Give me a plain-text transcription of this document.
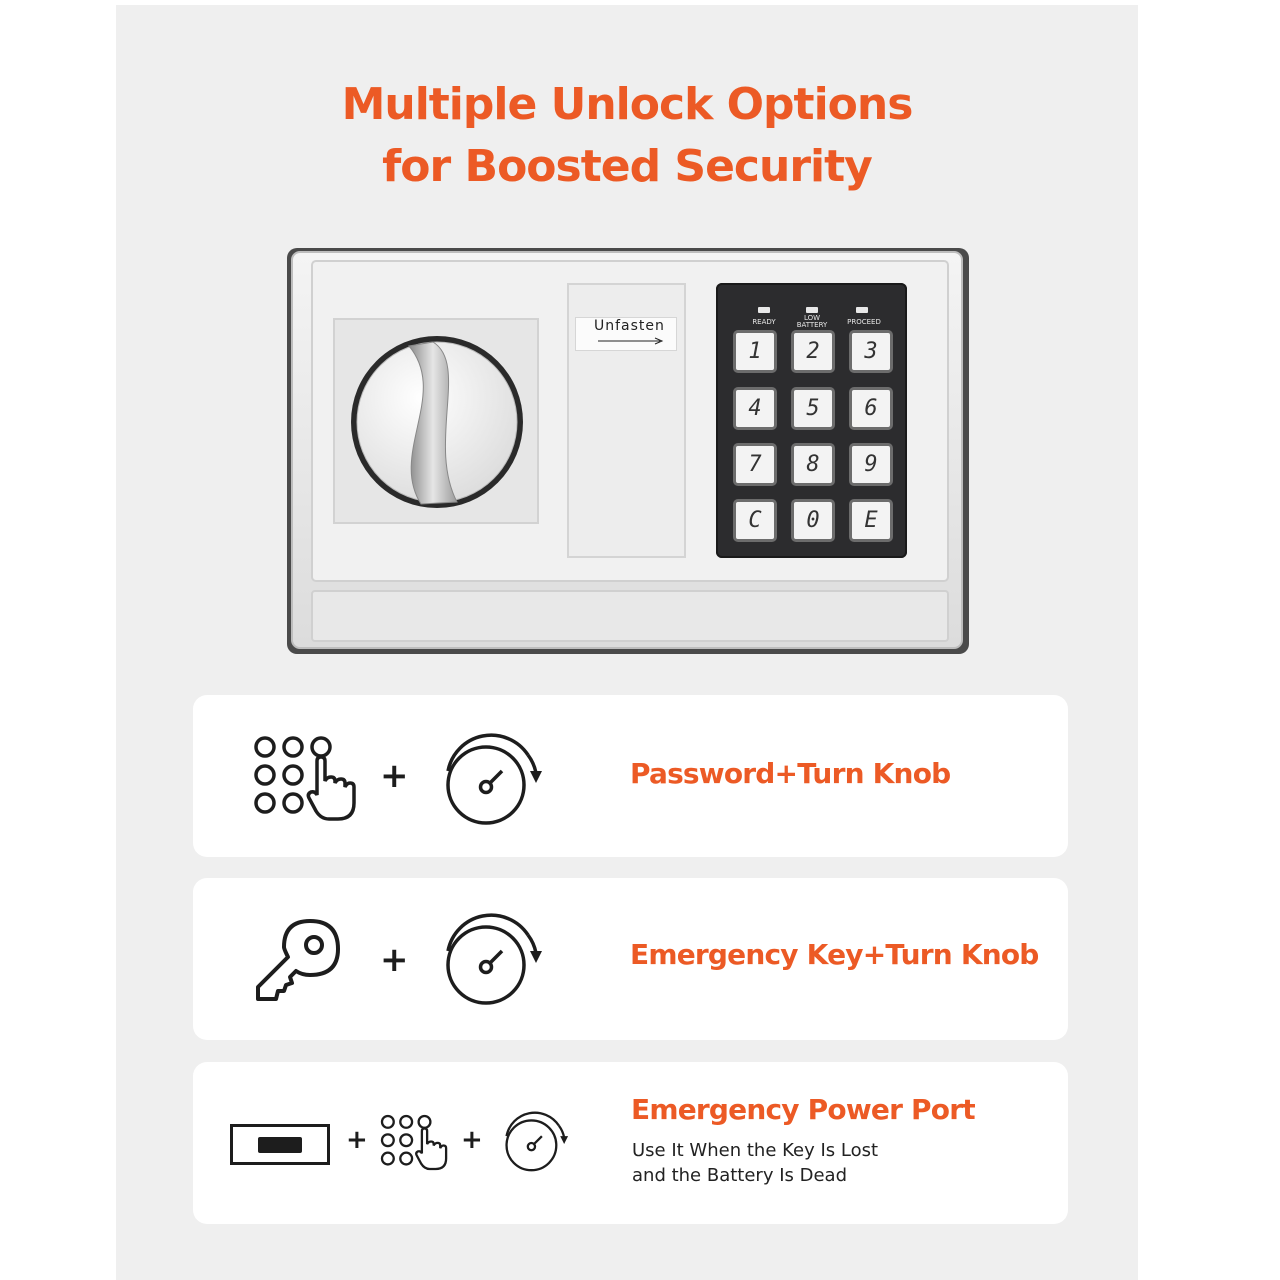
Multiple Unlock Options
for Boosted Security
Unfasten	READY	LOW BATTERY	PROCEED
1	2	3
4	5	6
7	8	9
C	0	E
+	Password+Turn Knob
+	Emergency Key+Turn Knob
+	+
Emergency Power Port
Use It When the Key Is Lost
and the Battery Is Dead
